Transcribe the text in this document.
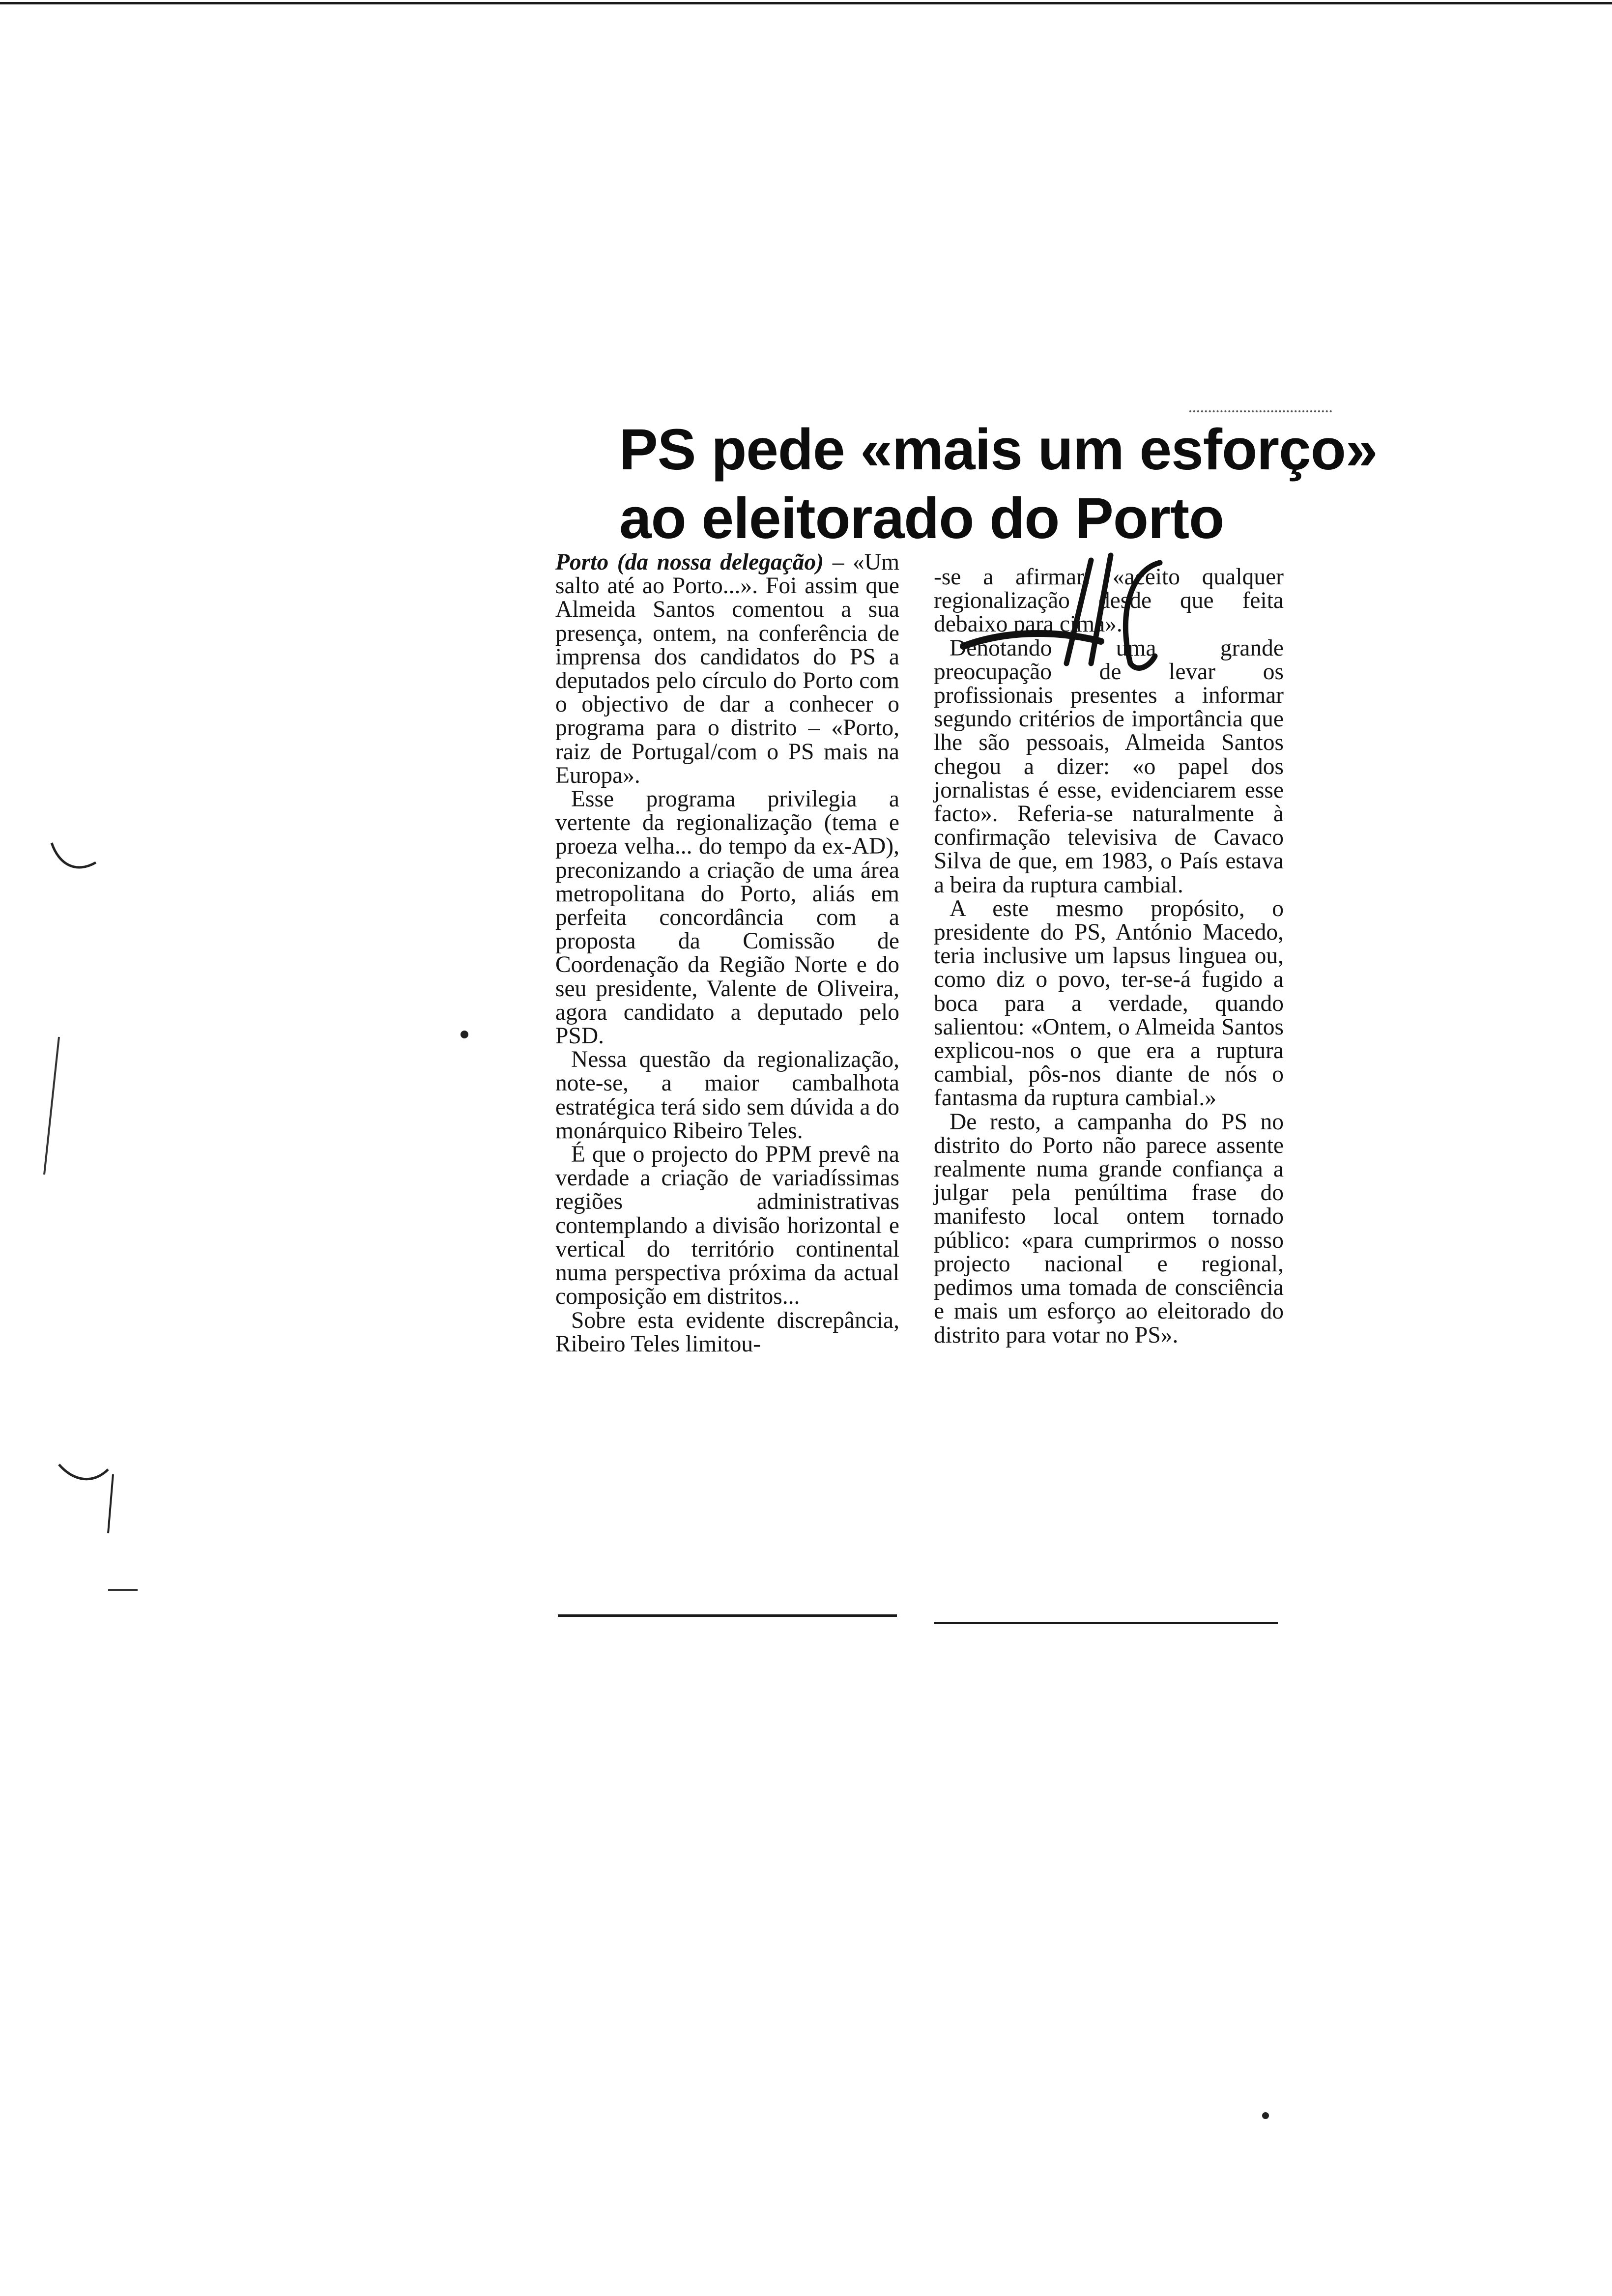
PS pede «mais um esforço»
ao eleitorado do Porto

Porto (da nossa delegação) – «Um salto até ao Porto...». Foi assim que Almeida Santos comentou a sua presença, ontem, na conferência de imprensa dos candidatos do PS a deputados pelo círculo do Porto com o objectivo de dar a conhecer o programa para o distrito – «Porto, raiz de Portugal/com o PS mais na Europa».

Esse programa privilegia a vertente da regionalização (tema e proeza velha... do tempo da ex-AD), preconizando a criação de uma área metropolitana do Porto, aliás em perfeita concordância com a proposta da Comissão de Coordenação da Região Norte e do seu presidente, Valente de Oliveira, agora candidato a deputado pelo PSD.

Nessa questão da regionalização, note-se, a maior cambalhota estratégica terá sido sem dúvida a do monárquico Ribeiro Teles.

É que o projecto do PPM prevê na verdade a criação de variadíssimas regiões administrativas contemplando a divisão horizontal e vertical do território continental numa perspectiva próxima da actual composição em distritos...

Sobre esta evidente discrepância, Ribeiro Teles limitou-

-se a afirmar: «aceito qualquer regionalização desde que feita debaixo para cima».

Denotando uma grande preocupação de levar os profissionais presentes a informar segundo critérios de importância que lhe são pessoais, Almeida Santos chegou a dizer: «o papel dos jornalistas é esse, evidenciarem esse facto». Referia-se naturalmente à confirmação televisiva de Cavaco Silva de que, em 1983, o País estava a beira da ruptura cambial.

A este mesmo propósito, o presidente do PS, António Macedo, teria inclusive um lapsus linguea ou, como diz o povo, ter-se-á fugido a boca para a verdade, quando salientou: «Ontem, o Almeida Santos explicou-nos o que era a ruptura cambial, pôs-nos diante de nós o fantasma da ruptura cambial.»

De resto, a campanha do PS no distrito do Porto não parece assente realmente numa grande confiança a julgar pela penúltima frase do manifesto local ontem tornado público: «para cumprirmos o nosso projecto nacional e regional, pedimos uma tomada de consciência e mais um esforço ao eleitorado do distrito para votar no PS».
